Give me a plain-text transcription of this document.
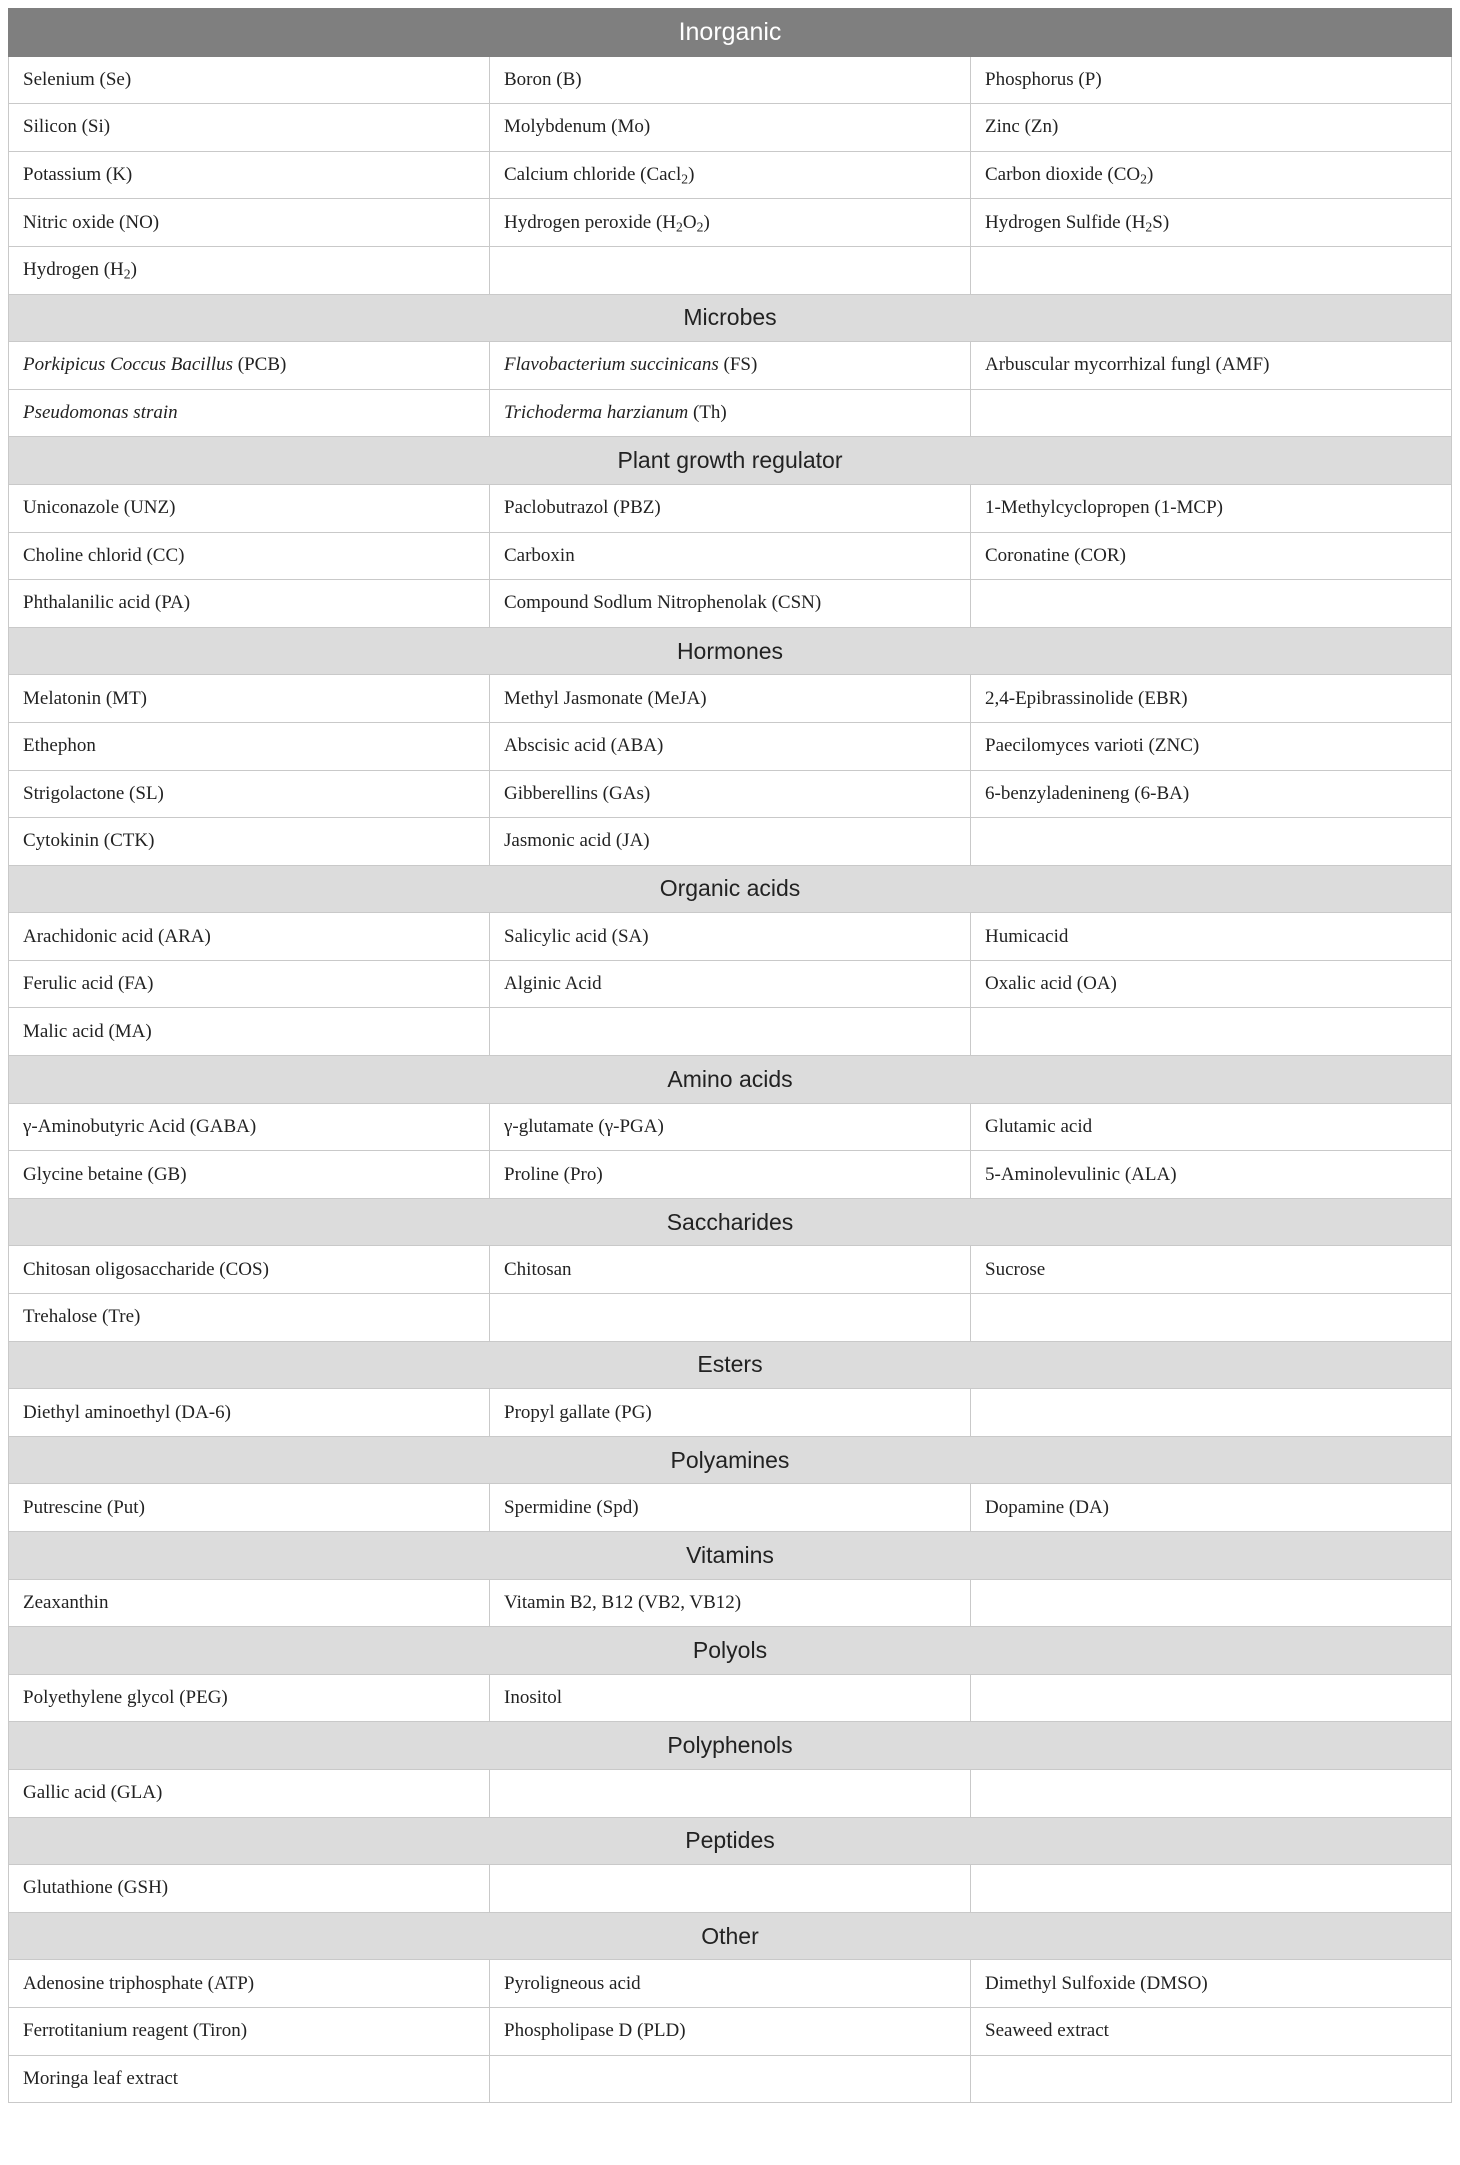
Inorganic		
Selenium (Se)	Boron (B)	Phosphorus (P)
Silicon (Si)	Molybdenum (Mo)	Zinc (Zn)
Potassium (K)	Calcium chloride (Cacl$_2$)	Carbon dioxide $(CO_2)$
Nitric oxide (NO)	Hydrogen peroxide $(H_2O_2)$	Hydrogen Sulfide $(H_2S)$
Hydrogen $(H_2)$		
Microbes		
Porkipicus Coccus Bacillus (PCB)	Flavobacterium succinicans (FS)	Arbuscular mycorrhizal fungl (AMF)
Pseudomonas strain	Trichoderma harzianum (Th)	
Plant growth regulator		
Uniconazole (UNZ)	Paclobutrazol (PBZ)	1-Methylcyclopropen (1-MCP)
Choline chlorid (CC)	Carboxin	Coronatine (COR)
Phthalanilic acid (PA)	Compound Sodlum Nitrophenolak (CSN)	
Hormones		
Melatonin (MT)	Methyl Jasmonate (MeJA)	2,4-Epibrassinolide (EBR)
Ethephon	Abscisic acid (ABA)	Paecilomyces varioti (ZNC)
Strigolactone (SL)	Gibberellins (GAs)	6-benzyladenineng (6-BA)
Cytokinin (CTK)	Jasmonic acid (JA)	
Organic acids		
Arachidonic acid (ARA)	Salicylic acid (SA)	Humicacid
Ferulic acid (FA)	Alginic Acid	Oxalic acid (OA)
Malic acid (MA)		
Amino acids		
γ-Aminobutyric Acid (GABA)	γ-glutamate (γ-PGA)	Glutamic acid
Glycine betaine (GB)	Proline (Pro)	5-Aminolevulinic (ALA)
Saccharides		
Chitosan oligosaccharide (COS)	Chitosan	Sucrose
Trehalose (Tre)		
Esters		
Diethyl aminoethyl (DA-6)	Propyl gallate (PG)	
Polyamines		
Putrescine (Put)	Spermidine (Spd)	Dopamine (DA)
Vitamins		
Zeaxanthin	Vitamin B2, B12 (VB2, VB12)	
Polyols		
Polyethylene glycol (PEG)	Inositol	
Polyphenols		
Gallic acid (GLA)		
Peptides		
Glutathione (GSH)		
Other		
Adenosine triphosphate (ATP)	Pyroligneous acid	Dimethyl Sulfoxide (DMSO)
Ferrotitanium reagent (Tiron)	Phospholipase D (PLD)	Seaweed extract
Moringa leaf extract		
